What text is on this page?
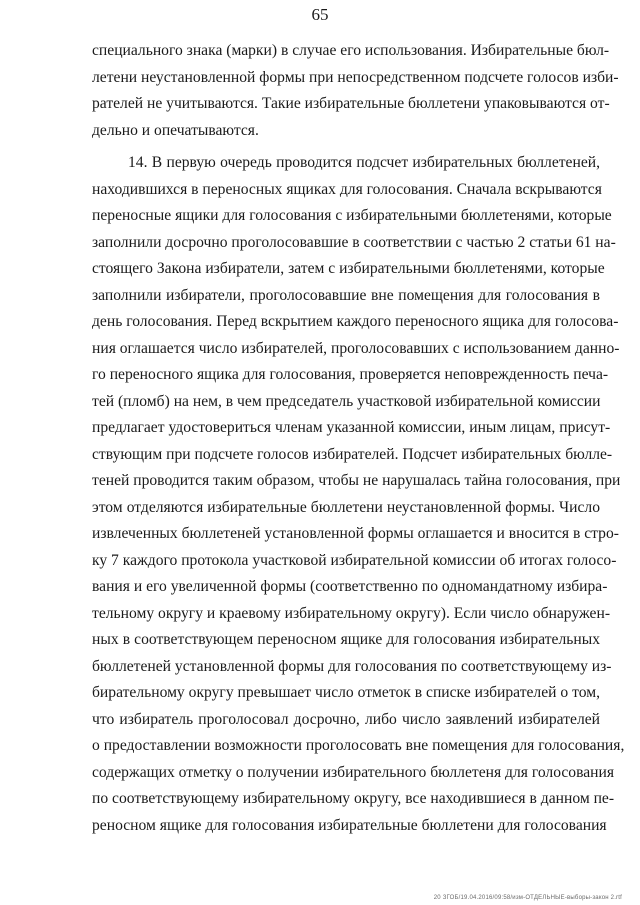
65
специального знака (марки) в случае его использования. Избирательные бюл-
летени неустановленной формы при непосредственном подсчете голосов изби-
рателей не учитываются. Такие избирательные бюллетени упаковываются от-
дельно и опечатываются.
14. В первую очередь проводится подсчет избирательных бюллетеней,
находившихся в переносных ящиках для голосования. Сначала вскрываются
переносные ящики для голосования с избирательными бюллетенями, которые
заполнили досрочно проголосовавшие в соответствии с частью 2 статьи 61 на-
стоящего Закона избиратели, затем с избирательными бюллетенями, которые
заполнили избиратели, проголосовавшие вне помещения для голосования в
день голосования. Перед вскрытием каждого переносного ящика для голосова-
ния оглашается число избирателей, проголосовавших с использованием данно-
го переносного ящика для голосования, проверяется неповрежденность печа-
тей (пломб) на нем, в чем председатель участковой избирательной комиссии
предлагает удостовериться членам указанной комиссии, иным лицам, присут-
ствующим при подсчете голосов избирателей. Подсчет избирательных бюлле-
теней проводится таким образом, чтобы не нарушалась тайна голосования, при
этом отделяются избирательные бюллетени неустановленной формы. Число
извлеченных бюллетеней установленной формы оглашается и вносится в стро-
ку 7 каждого протокола участковой избирательной комиссии об итогах голосо-
вания и его увеличенной формы (соответственно по одномандатному избира-
тельному округу и краевому избирательному округу). Если число обнаружен-
ных в соответствующем переносном ящике для голосования избирательных
бюллетеней установленной формы для голосования по соответствующему из-
бирательному округу превышает число отметок в списке избирателей о том,
что избиратель проголосовал досрочно, либо число заявлений избирателей
о предоставлении возможности проголосовать вне помещения для голосования,
содержащих отметку о получении избирательного бюллетеня для голосования
по соответствующему избирательному округу, все находившиеся в данном пе-
реносном ящике для голосования избирательные бюллетени для голосования
20 ЗГОБ/19.04.2016/09:58/изм-ОТДЕЛЬНЫЕ-выборы-закон 2.rtf
